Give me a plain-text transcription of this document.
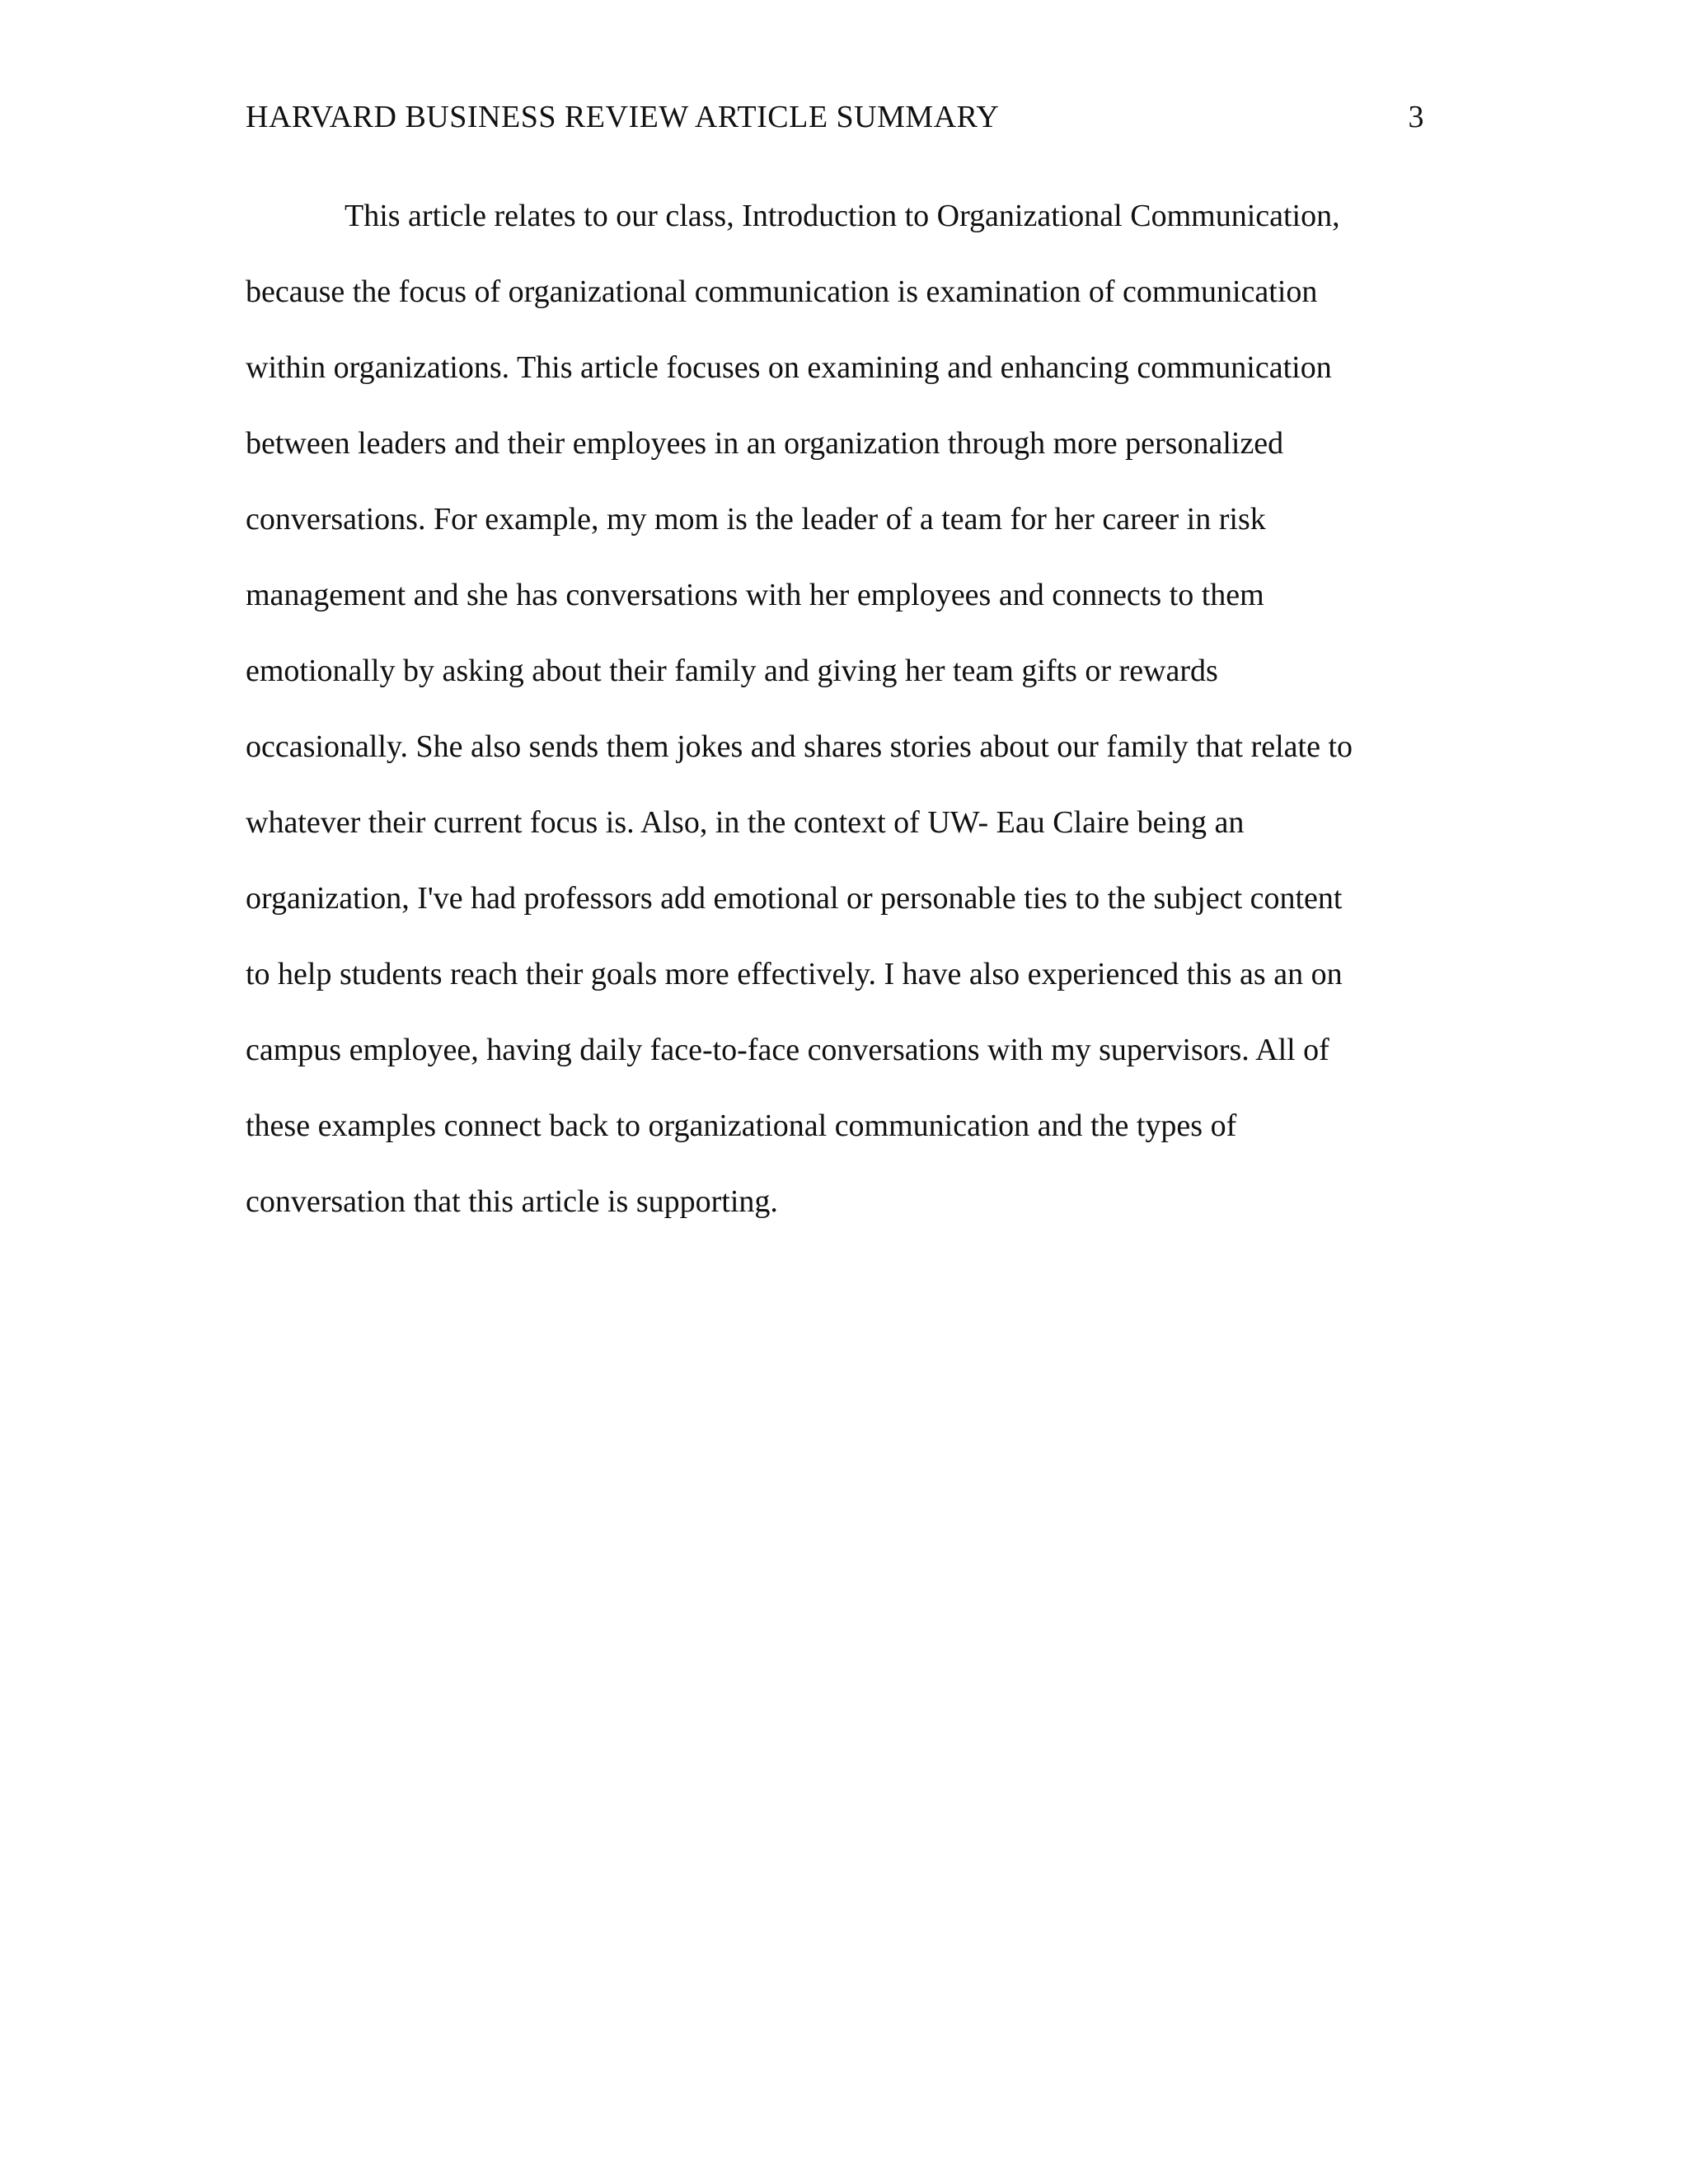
HARVARD BUSINESS REVIEW ARTICLE SUMMARY	3
This article relates to our class, Introduction to Organizational Communication,
because the focus of organizational communication is examination of communication
within organizations. This article focuses on examining and enhancing communication
between leaders and their employees in an organization through more personalized
conversations. For example, my mom is the leader of a team for her career in risk
management and she has conversations with her employees and connects to them
emotionally by asking about their family and giving her team gifts or rewards
occasionally. She also sends them jokes and shares stories about our family that relate to
whatever their current focus is. Also, in the context of UW- Eau Claire being an
organization, I've had professors add emotional or personable ties to the subject content
to help students reach their goals more effectively. I have also experienced this as an on
campus employee, having daily face-to-face conversations with my supervisors. All of
these examples connect back to organizational communication and the types of
conversation that this article is supporting.
